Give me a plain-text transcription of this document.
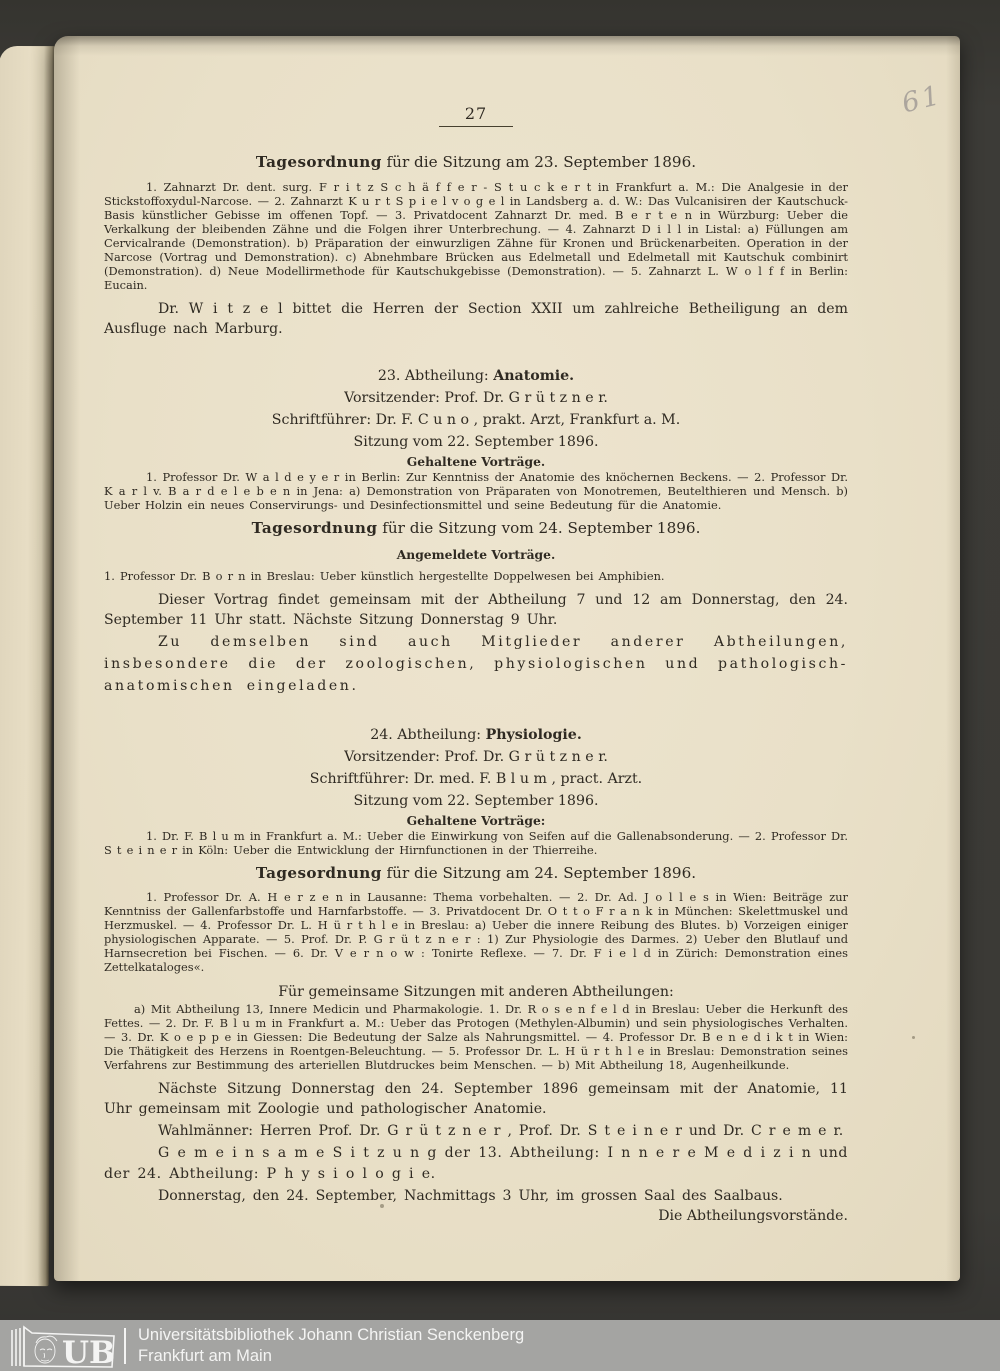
27

Tagesordnung für die Sitzung am 23. September 1896.

1. Zahnarzt Dr. dent. surg. F r i t z S c h ä f f e r - S t u c k e r t in Frankfurt a. M.: Die Analgesie in der Stickstoffoxydul-Narcose. — 2. Zahnarzt K u r t S p i e l v o g e l in Landsberg a. d. W.: Das Vulcanisiren der Kautschuck-Basis künstlicher Gebisse im offenen Topf. — 3. Privatdocent Zahnarzt Dr. med. B e r t e n in Würzburg: Ueber die Verkalkung der bleibenden Zähne und die Folgen ihrer Unterbrechung. — 4. Zahnarzt D i l l in Listal: a) Füllungen am Cervicalrande (Demonstration). b) Präparation der einwurzligen Zähne für Kronen und Brückenarbeiten. Operation in der Narcose (Vortrag und Demonstration). c) Abnehmbare Brücken aus Edelmetall und Edelmetall mit Kautschuk combinirt (Demonstration). d) Neue Modellirmethode für Kautschukgebisse (Demonstration). — 5. Zahnarzt L. W o l f f in Berlin: Eucain.

Dr. W i t z e l bittet die Herren der Section XXII um zahlreiche Betheiligung an dem Ausfluge nach Marburg.

23. Abtheilung: Anatomie.

Vorsitzender: Prof. Dr. G r ü t z n e r.

Schriftführer: Dr. F. C u n o , prakt. Arzt, Frankfurt a. M.

Sitzung vom 22. September 1896.

Gehaltene Vorträge.

1. Professor Dr. W a l d e y e r in Berlin: Zur Kenntniss der Anatomie des knöchernen Beckens. — 2. Professor Dr. K a r l v. B a r d e l e b e n in Jena: a) Demonstration von Präparaten von Monotremen, Beutelthieren und Mensch. b) Ueber Holzin ein neues Conservirungs- und Desinfectionsmittel und seine Bedeutung für die Anatomie.

Tagesordnung für die Sitzung vom 24. September 1896.

Angemeldete Vorträge.

1. Professor Dr. B o r n in Breslau: Ueber künstlich hergestellte Doppelwesen bei Amphibien.

Dieser Vortrag findet gemeinsam mit der Abtheilung 7 und 12 am Donnerstag, den 24. September 11 Uhr statt. Nächste Sitzung Donnerstag 9 Uhr.

Zu demselben sind auch Mitglieder anderer Abtheilungen, insbesondere die der zoologischen, physiologischen und pathologisch-anatomischen eingeladen.

24. Abtheilung: Physiologie.

Vorsitzender: Prof. Dr. G r ü t z n e r.

Schriftführer: Dr. med. F. B l u m , pract. Arzt.

Sitzung vom 22. September 1896.

Gehaltene Vorträge:

1. Dr. F. B l u m in Frankfurt a. M.: Ueber die Einwirkung von Seifen auf die Gallenabsonderung. — 2. Professor Dr. S t e i n e r in Köln: Ueber die Entwicklung der Hirnfunctionen in der Thierreihe.

Tagesordnung für die Sitzung am 24. September 1896.

1. Professor Dr. A. H e r z e n in Lausanne: Thema vorbehalten. — 2. Dr. Ad. J o l l e s in Wien: Beiträge zur Kenntniss der Gallenfarbstoffe und Harnfarbstoffe. — 3. Privatdocent Dr. O t t o F r a n k in München: Skelettmuskel und Herzmuskel. — 4. Professor Dr. L. H ü r t h l e in Breslau: a) Ueber die innere Reibung des Blutes. b) Vorzeigen einiger physiologischen Apparate. — 5. Prof. Dr. P. G r ü t z n e r : 1) Zur Physiologie des Darmes. 2) Ueber den Blutlauf und Harnsecretion bei Fischen. — 6. Dr. V e r n o w : Tonirte Reflexe. — 7. Dr. F i e l d in Zürich: Demonstration eines Zettelkataloges«.

Für gemeinsame Sitzungen mit anderen Abtheilungen:

a) Mit Abtheilung 13, Innere Medicin und Pharmakologie. 1. Dr. R o s e n f e l d in Breslau: Ueber die Herkunft des Fettes. — 2. Dr. F. B l u m in Frankfurt a. M.: Ueber das Protogen (Methylen-Albumin) und sein physiologisches Verhalten. — 3. Dr. K o e p p e in Giessen: Die Bedeutung der Salze als Nahrungsmittel. — 4. Professor Dr. B e n e d i k t in Wien: Die Thätigkeit des Herzens in Roentgen-Beleuchtung. — 5. Professor Dr. L. H ü r t h l e in Breslau: Demonstration seines Verfahrens zur Bestimmung des arteriellen Blutdruckes beim Menschen. — b) Mit Abtheilung 18, Augenheilkunde.

Nächste Sitzung Donnerstag den 24. September 1896 gemeinsam mit der Anatomie, 11 Uhr gemeinsam mit Zoologie und pathologischer Anatomie.

Wahlmänner: Herren Prof. Dr. G r ü t z n e r , Prof. Dr. S t e i n e r und Dr. C r e m e r.

G e m e i n s a m e S i t z u n g der 13. Abtheilung: I n n e r e M e d i z i n und der 24. Abtheilung: P h y s i o l o g i e.

Donnerstag, den 24. September, Nachmittags 3 Uhr, im grossen Saal des Saalbaus.

Die Abtheilungsvorstände.

61
UB Universitätsbibliothek Johann Christian Senckenberg
Frankfurt am Main
